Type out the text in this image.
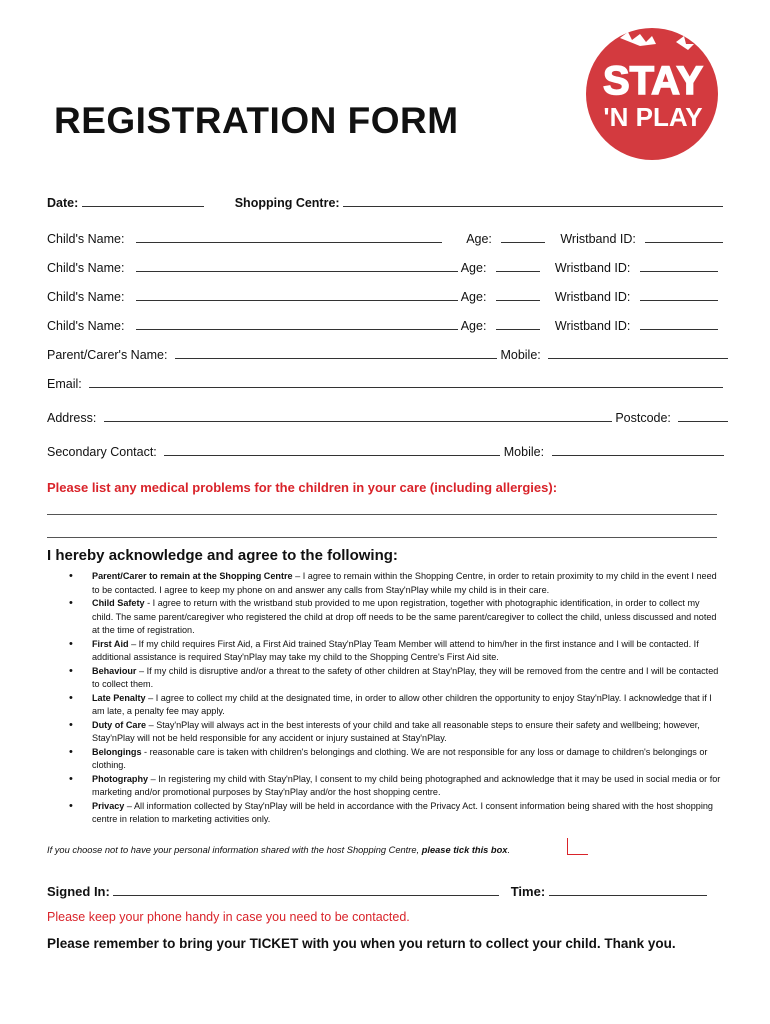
REGISTRATION FORM
STAY
'N PLAY
Date:	Shopping Centre:
Child's Name:	Age:	Wristband ID:
Child's Name:	Age:	Wristband ID:
Child's Name:	Age:	Wristband ID:
Child's Name:	Age:	Wristband ID:
Parent/Carer's Name:	Mobile:
Email:
Address:	Postcode:
Secondary Contact:	Mobile:
Please list any medical problems for the children in your care (including allergies):
I hereby acknowledge and agree to the following:
• Parent/Carer to remain at the Shopping Centre – I agree to remain within the Shopping Centre, in order to retain proximity to my child in the event I need to be contacted. I agree to keep my phone on and answer any calls from Stay'nPlay while my child is in their care.
• Child Safety - I agree to return with the wristband stub provided to me upon registration, together with photographic identification, in order to collect my child. The same parent/caregiver who registered the child at drop off needs to be the same parent/caregiver to collect the child, unless discussed and noted at the time of registration.
• First Aid – If my child requires First Aid, a First Aid trained Stay'nPlay Team Member will attend to him/her in the first instance and I will be contacted. If additional assistance is required Stay'nPlay may take my child to the Shopping Centre's First Aid site.
• Behaviour – If my child is disruptive and/or a threat to the safety of other children at Stay'nPlay, they will be removed from the centre and I will be contacted to collect them.
• Late Penalty – I agree to collect my child at the designated time, in order to allow other children the opportunity to enjoy Stay'nPlay. I acknowledge that if I am late, a penalty fee may apply.
• Duty of Care – Stay'nPlay will always act in the best interests of your child and take all reasonable steps to ensure their safety and wellbeing; however, Stay'nPlay will not be held responsible for any accident or injury sustained at Stay'nPlay.
• Belongings - reasonable care is taken with children's belongings and clothing. We are not responsible for any loss or damage to children's belongings or clothing.
• Photography – In registering my child with Stay'nPlay, I consent to my child being photographed and acknowledge that it may be used in social media or for marketing and/or promotional purposes by Stay'nPlay and/or the host shopping centre.
• Privacy – All information collected by Stay'nPlay will be held in accordance with the Privacy Act. I consent information being shared with the host shopping centre in relation to marketing activities only.
If you choose not to have your personal information shared with the host Shopping Centre, please tick this box.
Signed In:	Time:
Please keep your phone handy in case you need to be contacted.
Please remember to bring your TICKET with you when you return to collect your child. Thank you.
